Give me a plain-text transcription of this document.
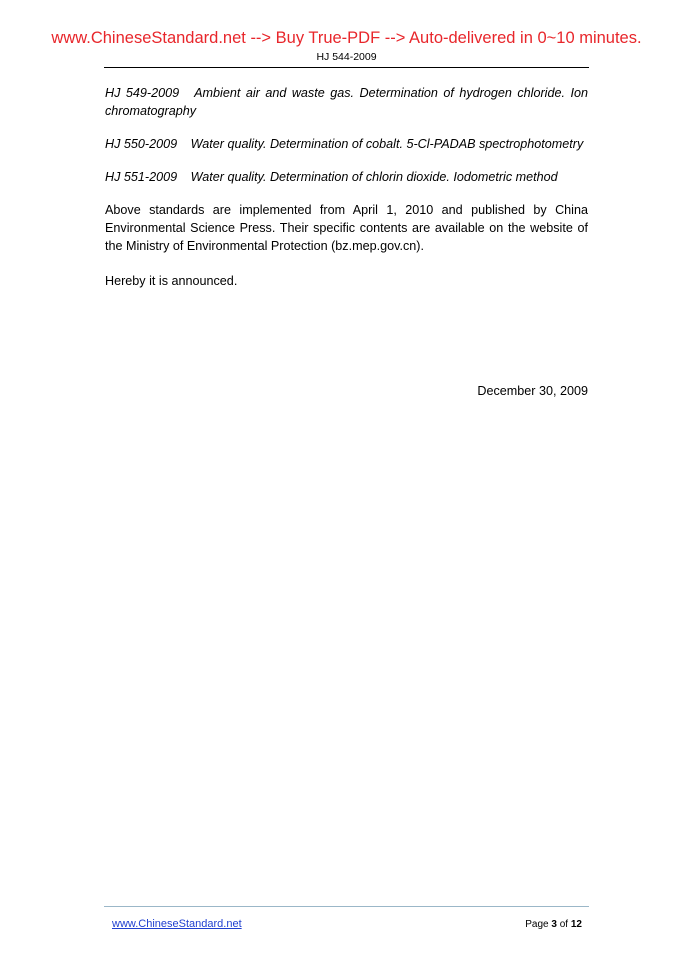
www.ChineseStandard.net --> Buy True-PDF --> Auto-delivered in 0~10 minutes.
HJ 544-2009

HJ 549-2009 Ambient air and waste gas. Determination of hydrogen chloride. Ion chromatography

HJ 550-2009 Water quality. Determination of cobalt. 5-Cl-PADAB spectrophotometry

HJ 551-2009 Water quality. Determination of chlorin dioxide. Iodometric method

Above standards are implemented from April 1, 2010 and published by China Environmental Science Press. Their specific contents are available on the website of the Ministry of Environmental Protection (bz.mep.gov.cn).

Hereby it is announced.

December 30, 2009
www.ChineseStandard.net	Page 3 of 12
